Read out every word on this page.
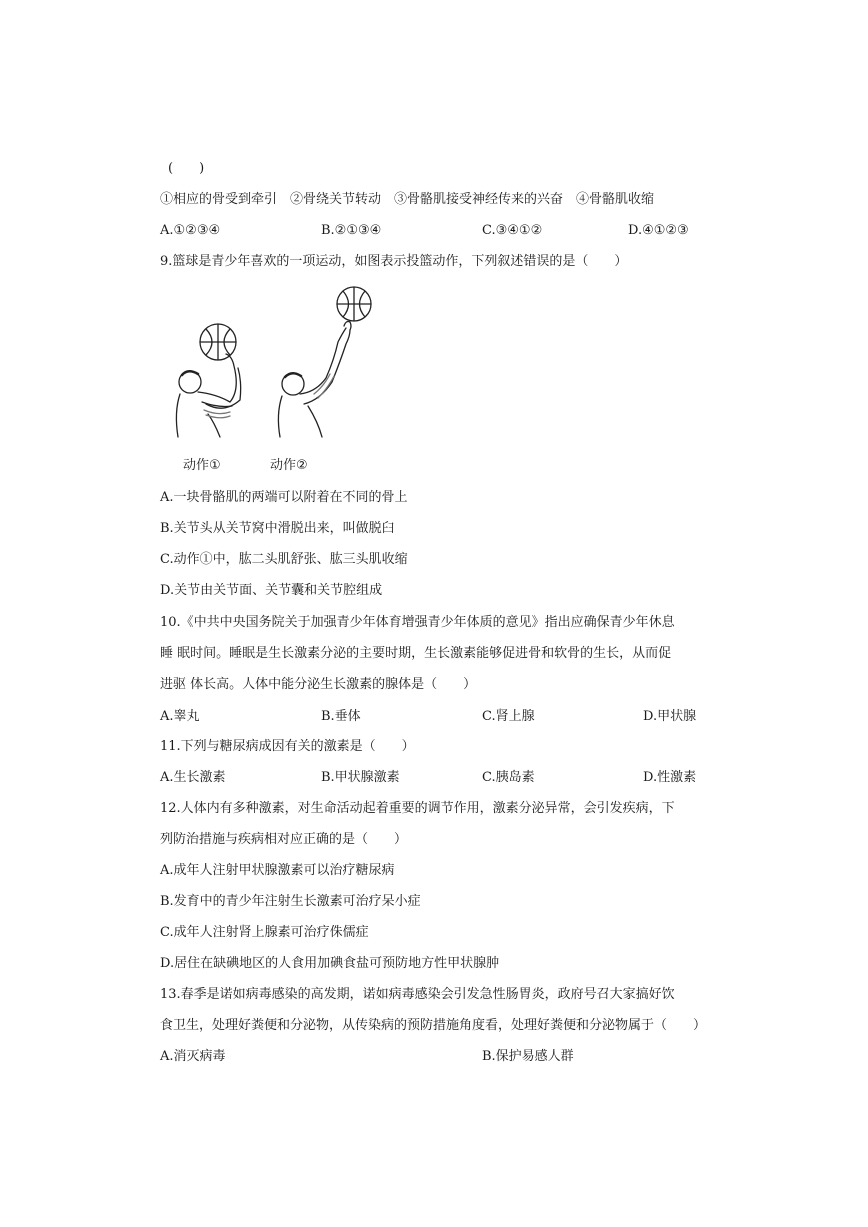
(　　)
①相应的骨受到牵引　②骨绕关节转动　③骨骼肌接受神经传来的兴奋　④骨骼肌收缩
A.①②③④	B.②①③④	C.③④①②	D.④①②③
9.篮球是青少年喜欢的一项运动，如图表示投篮动作，下列叙述错误的是（　　）
动作①	动作②
A.一块骨骼肌的两端可以附着在不同的骨上
B.关节头从关节窝中滑脱出来，叫做脱臼
C.动作①中，肱二头肌舒张、肱三头肌收缩
D.关节由关节面、关节囊和关节腔组成
10.《中共中央国务院关于加强青少年体育增强青少年体质的意见》指出应确保青少年休息
睡 眠时间。睡眠是生长激素分泌的主要时期，生长激素能够促进骨和软骨的生长，从而促
进驱 体长高。人体中能分泌生长激素的腺体是（　　）
A.睾丸	B.垂体	C.肾上腺	D.甲状腺
11.下列与糖尿病成因有关的激素是（　　）
A.生长激素	B.甲状腺激素	C.胰岛素	D.性激素
12.人体内有多种激素，对生命活动起着重要的调节作用，激素分泌异常，会引发疾病，下
列防治措施与疾病相对应正确的是（　　）
A.成年人注射甲状腺激素可以治疗糖尿病
B.发育中的青少年注射生长激素可治疗呆小症
C.成年人注射肾上腺素可治疗侏儒症
D.居住在缺碘地区的人食用加碘食盐可预防地方性甲状腺肿
13.春季是诺如病毒感染的高发期，诺如病毒感染会引发急性肠胃炎，政府号召大家搞好饮
食卫生，处理好粪便和分泌物，从传染病的预防措施角度看，处理好粪便和分泌物属于（　　）
A.消灭病毒	B.保护易感人群
